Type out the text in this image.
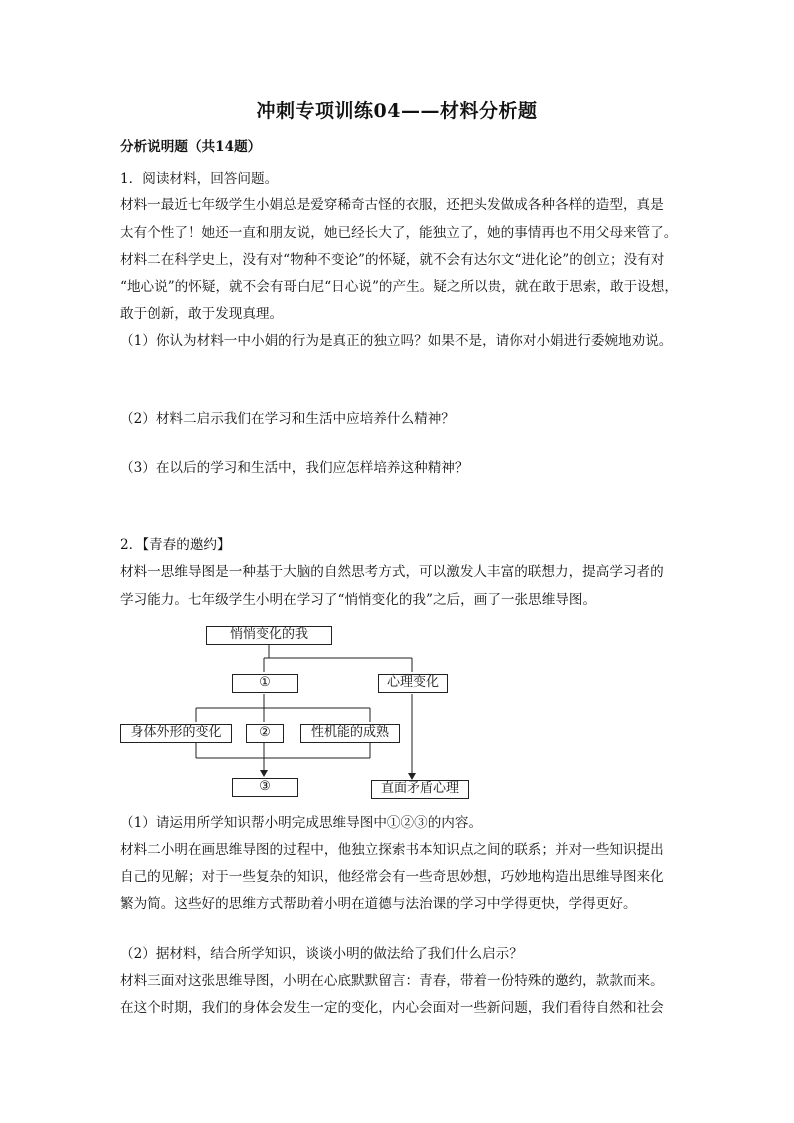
冲刺专项训练04——材料分析题
分析说明题（共14题）
1．阅读材料，回答问题。
材料一最近七年级学生小娟总是爱穿稀奇古怪的衣服，还把头发做成各种各样的造型，真是
太有个性了！她还一直和朋友说，她已经长大了，能独立了，她的事情再也不用父母来管了。
材料二在科学史上，没有对“物种不变论”的怀疑，就不会有达尔文“进化论”的创立；没有对
“地心说”的怀疑，就不会有哥白尼“日心说”的产生。疑之所以贵，就在敢于思索，敢于设想，
敢于创新，敢于发现真理。
（1）你认为材料一中小娟的行为是真正的独立吗？如果不是，请你对小娟进行委婉地劝说。
（2）材料二启示我们在学习和生活中应培养什么精神？
（3）在以后的学习和生活中，我们应怎样培养这种精神？
2．【青春的邀约】
材料一思维导图是一种基于大脑的自然思考方式，可以激发人丰富的联想力，提高学习者的
学习能力。七年级学生小明在学习了“悄悄变化的我”之后，画了一张思维导图。
悄悄变化的我
①	心理变化
身体外形的变化	②	性机能的成熟
③	直面矛盾心理
（1）请运用所学知识帮小明完成思维导图中①②③的内容。
材料二小明在画思维导图的过程中，他独立探索书本知识点之间的联系；并对一些知识提出
自己的见解；对于一些复杂的知识，他经常会有一些奇思妙想，巧妙地构造出思维导图来化
繁为简。这些好的思维方式帮助着小明在道德与法治课的学习中学得更快，学得更好。
（2）据材料，结合所学知识，谈谈小明的做法给了我们什么启示？
材料三面对这张思维导图，小明在心底默默留言：青春，带着一份特殊的邀约，款款而来。
在这个时期，我们的身体会发生一定的变化，内心会面对一些新问题，我们看待自然和社会
